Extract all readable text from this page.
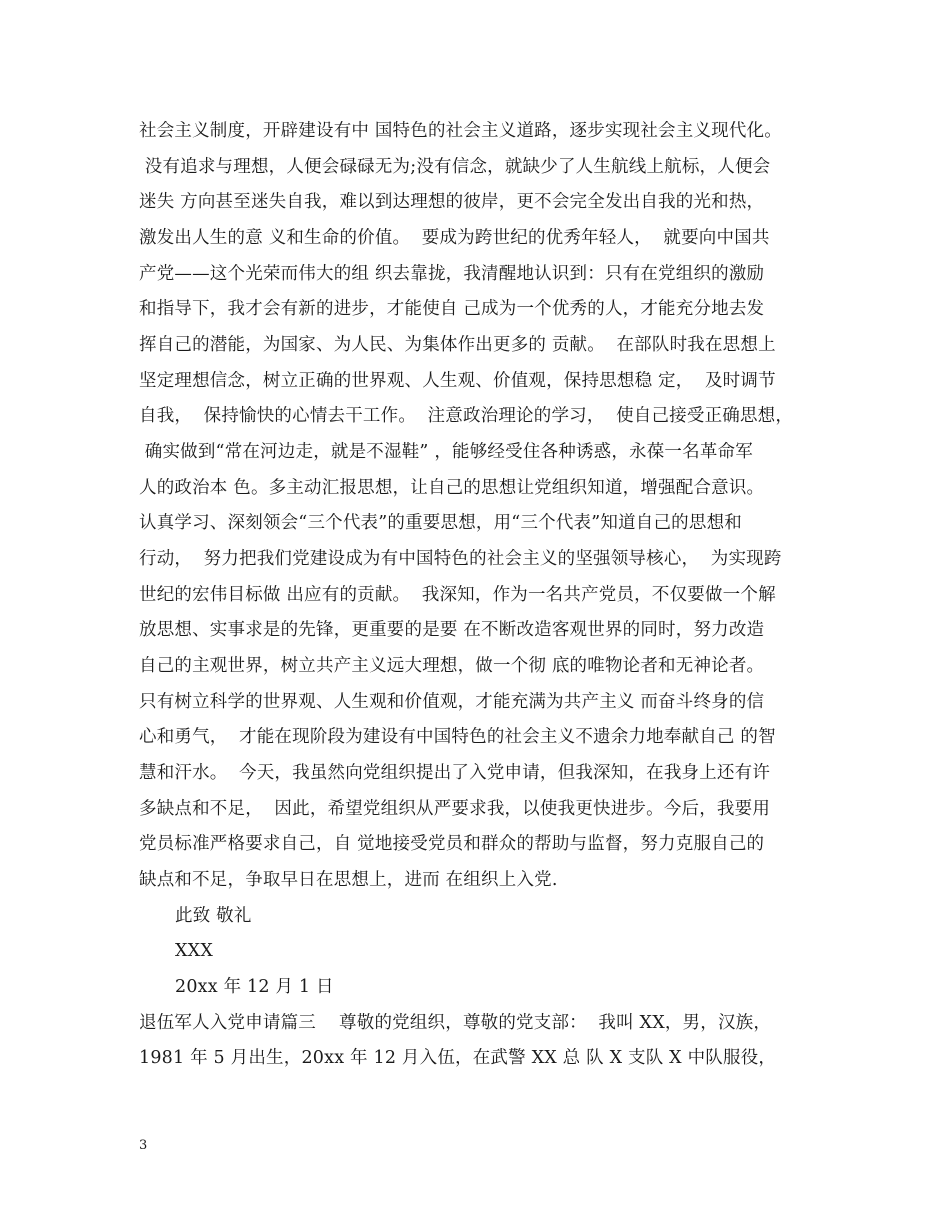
社会主义制度，开辟建设有中 国特色的社会主义道路，逐步实现社会主义现代化。
没有追求与理想，人便会碌碌无为;没有信念，就缺少了人生航线上航标，人便会
迷失 方向甚至迷失自我，难以到达理想的彼岸，更不会完全发出自我的光和热，
激发出人生的意 义和生命的价值。  要成为跨世纪的优秀年轻人，  就要向中国共
产党——这个光荣而伟大的组 织去靠拢，我清醒地认识到：只有在党组织的激励
和指导下，我才会有新的进步，才能使自 己成为一个优秀的人，才能充分地去发
挥自己的潜能，为国家、为人民、为集体作出更多的 贡献。  在部队时我在思想上
坚定理想信念，树立正确的世界观、人生观、价值观，保持思想稳 定，  及时调节
自我，  保持愉快的心情去干工作。  注意政治理论的学习，  使自己接受正确思想，
确实做到“常在河边走，就是不湿鞋” ，能够经受住各种诱惑，永葆一名革命军
人的政治本 色。多主动汇报思想，让自己的思想让党组织知道，增强配合意识。
认真学习、深刻领会“三个代表”的重要思想，用“三个代表”知道自己的思想和
行动，  努力把我们党建设成为有中国特色的社会主义的坚强领导核心，  为实现跨
世纪的宏伟目标做 出应有的贡献。  我深知，作为一名共产党员，不仅要做一个解
放思想、实事求是的先锋，更重要的是要 在不断改造客观世界的同时，努力改造
自己的主观世界，树立共产主义远大理想，做一个彻 底的唯物论者和无神论者。
只有树立科学的世界观、人生观和价值观，才能充满为共产主义 而奋斗终身的信
心和勇气，  才能在现阶段为建设有中国特色的社会主义不遗余力地奉献自己 的智
慧和汗水。  今天，我虽然向党组织提出了入党申请，但我深知，在我身上还有许
多缺点和不足，  因此，希望党组织从严要求我，以使我更快进步。今后，我要用
党员标准严格要求自己，自 觉地接受党员和群众的帮助与监督，努力克服自己的
缺点和不足，争取早日在思想上，进而 在组织上入党.
此致 敬礼
XXX
20xx 年 12 月 1 日
退伍军人入党申请篇三    尊敬的党组织，尊敬的党支部：  我叫 XX，男，汉族，
1981 年 5 月出生，20xx 年 12 月入伍，在武警 XX 总 队 X 支队 X 中队服役，
3
